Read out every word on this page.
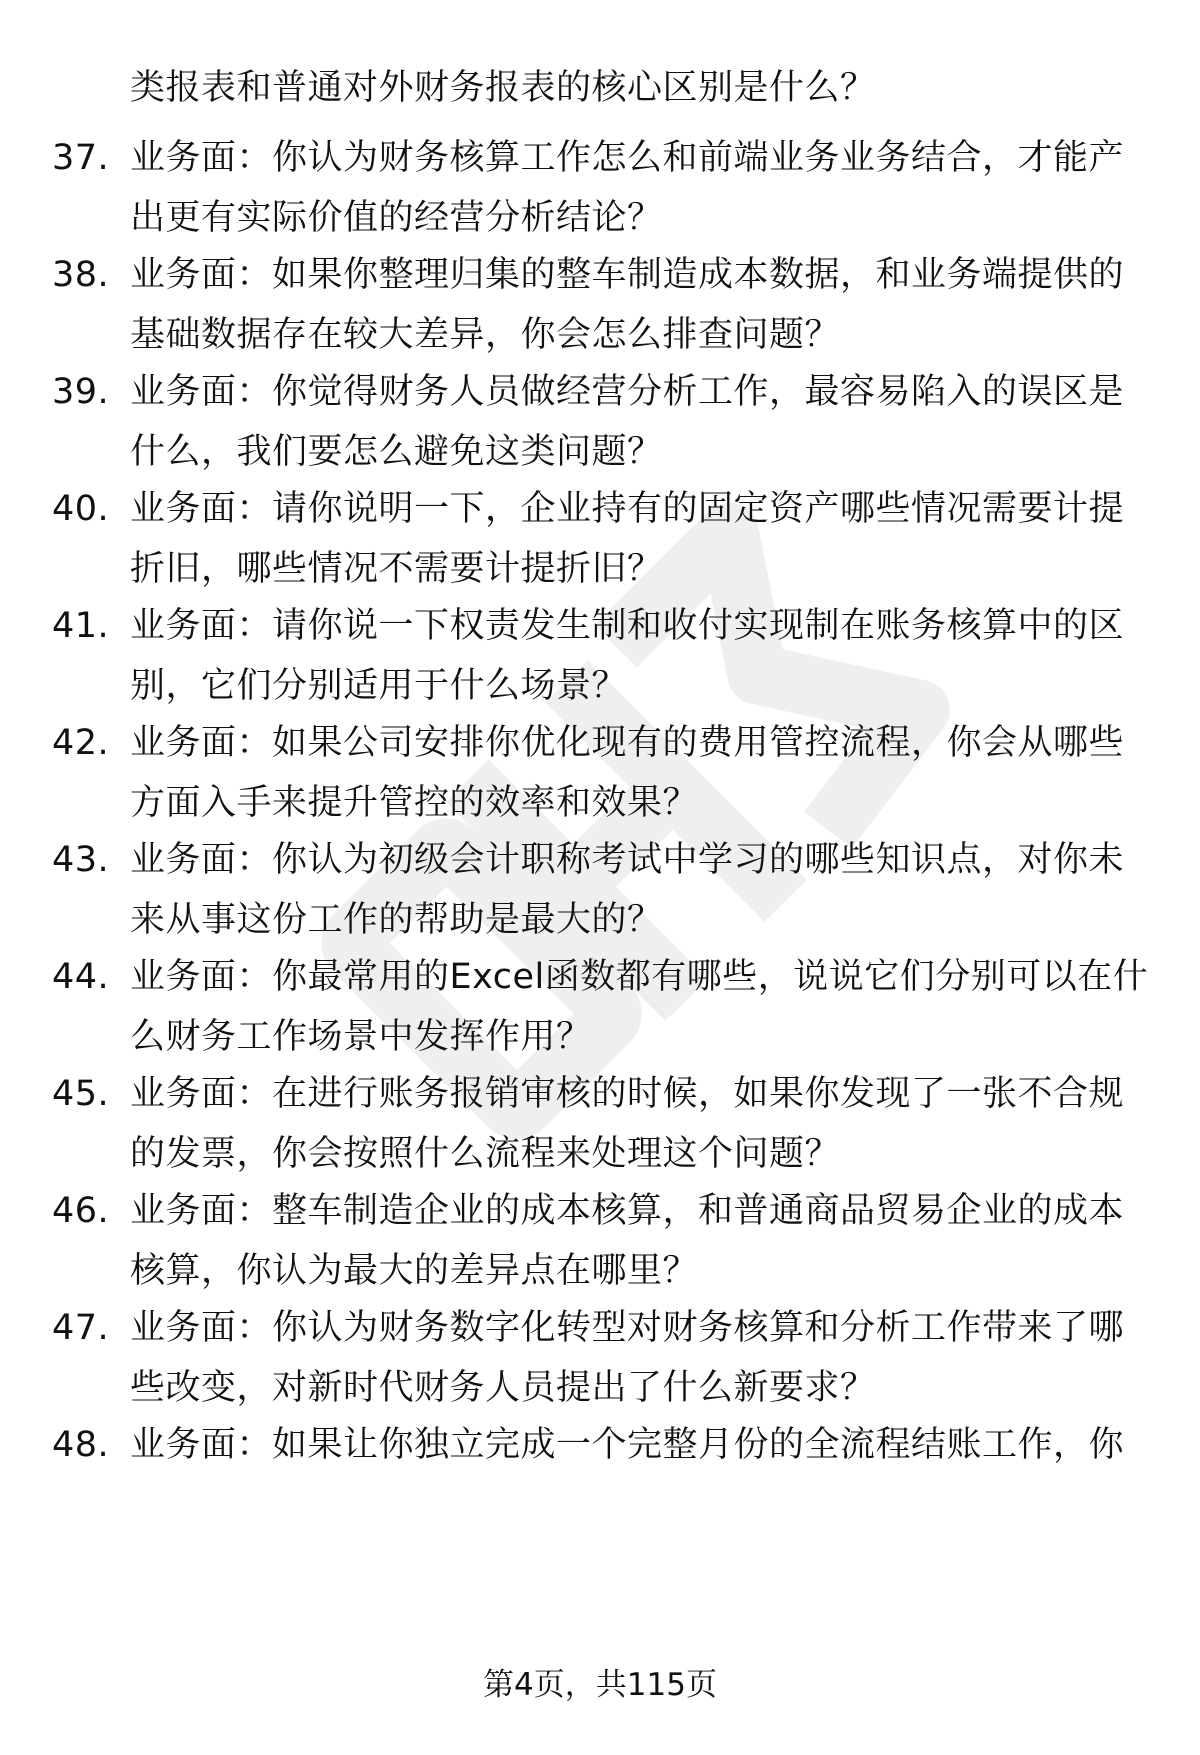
类报表和普通对外财务报表的核心区别是什么？
37. 业务面：你认为财务核算工作怎么和前端业务业务结合，才能产
出更有实际价值的经营分析结论？
38. 业务面：如果你整理归集的整车制造成本数据，和业务端提供的
基础数据存在较大差异，你会怎么排查问题？
39. 业务面：你觉得财务人员做经营分析工作，最容易陷入的误区是
什么，我们要怎么避免这类问题？
40. 业务面：请你说明一下，企业持有的固定资产哪些情况需要计提
折旧，哪些情况不需要计提折旧？
41. 业务面：请你说一下权责发生制和收付实现制在账务核算中的区
别，它们分别适用于什么场景？
42. 业务面：如果公司安排你优化现有的费用管控流程，你会从哪些
方面入手来提升管控的效率和效果？
43. 业务面：你认为初级会计职称考试中学习的哪些知识点，对你未
来从事这份工作的帮助是最大的？
44. 业务面：你最常用的Excel函数都有哪些，说说它们分别可以在什
么财务工作场景中发挥作用？
45. 业务面：在进行账务报销审核的时候，如果你发现了一张不合规
的发票，你会按照什么流程来处理这个问题？
46. 业务面：整车制造企业的成本核算，和普通商品贸易企业的成本
核算，你认为最大的差异点在哪里？
47. 业务面：你认为财务数字化转型对财务核算和分析工作带来了哪
些改变，对新时代财务人员提出了什么新要求？
48. 业务面：如果让你独立完成一个完整月份的全流程结账工作，你
第4页，共115页
